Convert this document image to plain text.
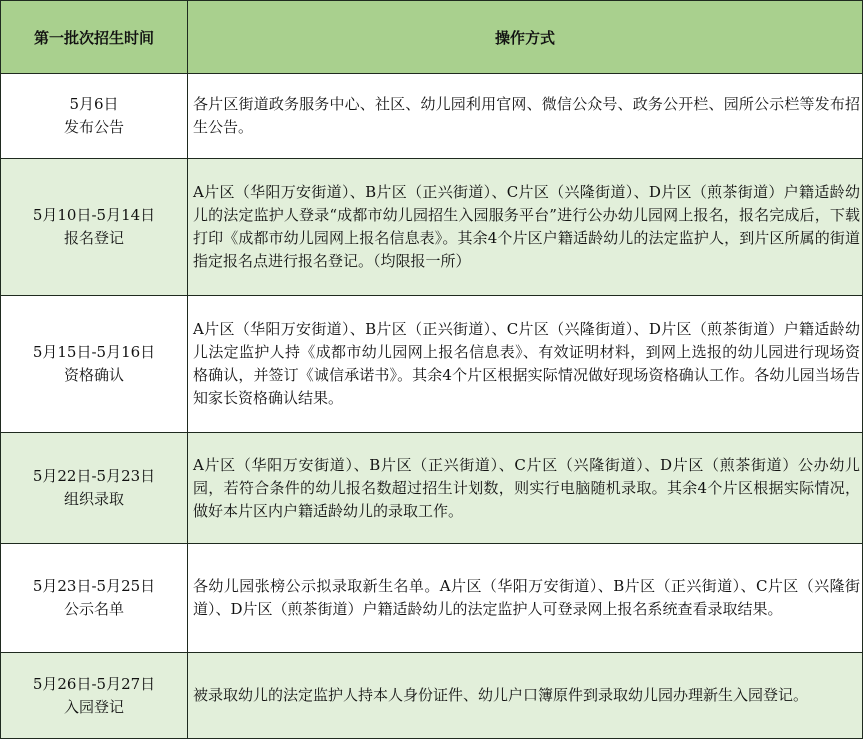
第一批次招生时间	操作方式

5月6日
发布公告	各片区街道政务服务中心、社区、幼儿园利用官网、微信公众号、政务公开栏、园所公示栏等发布招生公告。

5月10日-5月14日
报名登记	A片区（华阳万安街道）、B片区（正兴街道）、C片区（兴隆街道）、D片区（煎茶街道）户籍适龄幼儿的法定监护人登录“成都市幼儿园招生入园服务平台”进行公办幼儿园网上报名，报名完成后，下载打印《成都市幼儿园网上报名信息表》。其余4个片区户籍适龄幼儿的法定监护人，到片区所属的街道指定报名点进行报名登记。（均限报一所）

5月15日-5月16日
资格确认	A片区（华阳万安街道）、B片区（正兴街道）、C片区（兴隆街道）、D片区（煎茶街道）户籍适龄幼儿法定监护人持《成都市幼儿园网上报名信息表》、有效证明材料，到网上选报的幼儿园进行现场资格确认，并签订《诚信承诺书》。其余4个片区根据实际情况做好现场资格确认工作。各幼儿园当场告知家长资格确认结果。

5月22日-5月23日
组织录取	A片区（华阳万安街道）、B片区（正兴街道）、C片区（兴隆街道）、D片区（煎茶街道）公办幼儿园，若符合条件的幼儿报名数超过招生计划数，则实行电脑随机录取。其余4个片区根据实际情况，做好本片区内户籍适龄幼儿的录取工作。

5月23日-5月25日
公示名单	各幼儿园张榜公示拟录取新生名单。A片区（华阳万安街道）、B片区（正兴街道）、C片区（兴隆街道）、D片区（煎茶街道）户籍适龄幼儿的法定监护人可登录网上报名系统查看录取结果。

5月26日-5月27日
入园登记	被录取幼儿的法定监护人持本人身份证件、幼儿户口簿原件到录取幼儿园办理新生入园登记。
